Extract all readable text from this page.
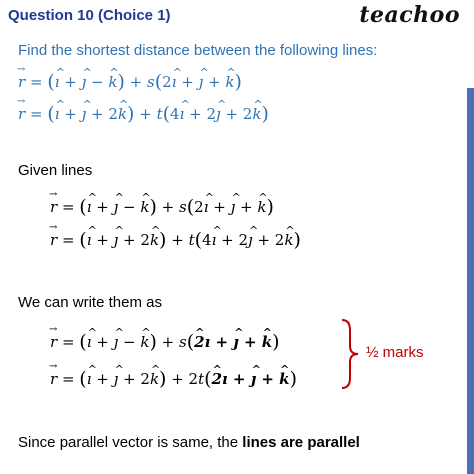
Question 10 (Choice 1)	teachoo
Find the shortest distance between the following lines:
→ r = (^ ı + ^ ȷ − ^ k) + s(2^ ı + ^ ȷ + ^ k)
→ r = (^ ı + ^ ȷ + 2^ k) + t(4^ ı + 2^ ȷ + 2^ k)
Given lines
→ r = (^ ı + ^ ȷ − ^ k) + s(2^ ı + ^ ȷ + ^ k)
→ r = (^ ı + ^ ȷ + 2^ k) + t(4^ ı + 2^ ȷ + 2^ k)
We can write them as
→ r = (^ ı + ^ ȷ − ^ k) + s(^ 2ı + ^ ȷ + ^ k)
→ r = (^ ı + ^ ȷ + 2^ k) + 2t(^ 2ı + ^ ȷ + ^ k)
½ marks
Since parallel vector is same, the lines are parallel
